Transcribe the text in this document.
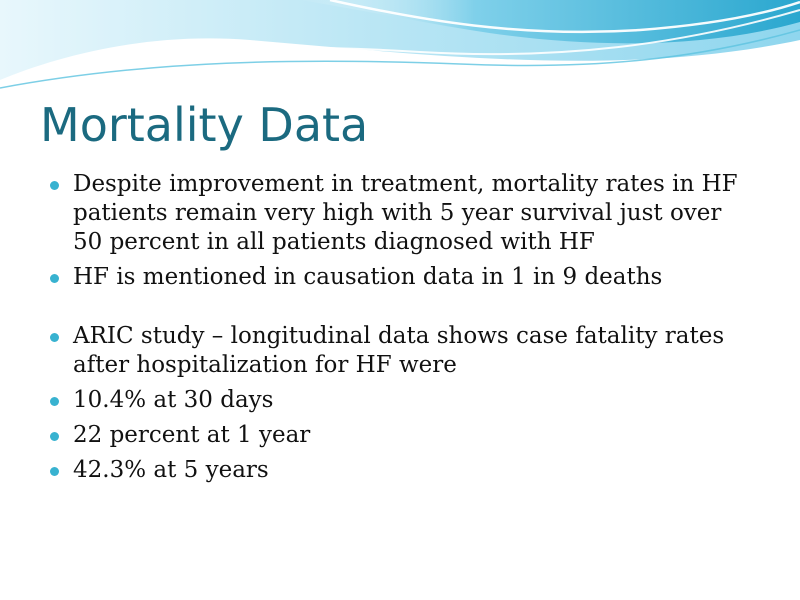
Mortality Data
Despite improvement in treatment, mortality rates in HF patients remain very high with 5 year survival just over 50 percent in all patients diagnosed with HF
HF is mentioned in causation data in 1 in 9 deaths
ARIC study – longitudinal data shows case fatality rates after hospitalization for HF were
10.4% at 30 days
22 percent at 1 year
42.3% at 5 years
